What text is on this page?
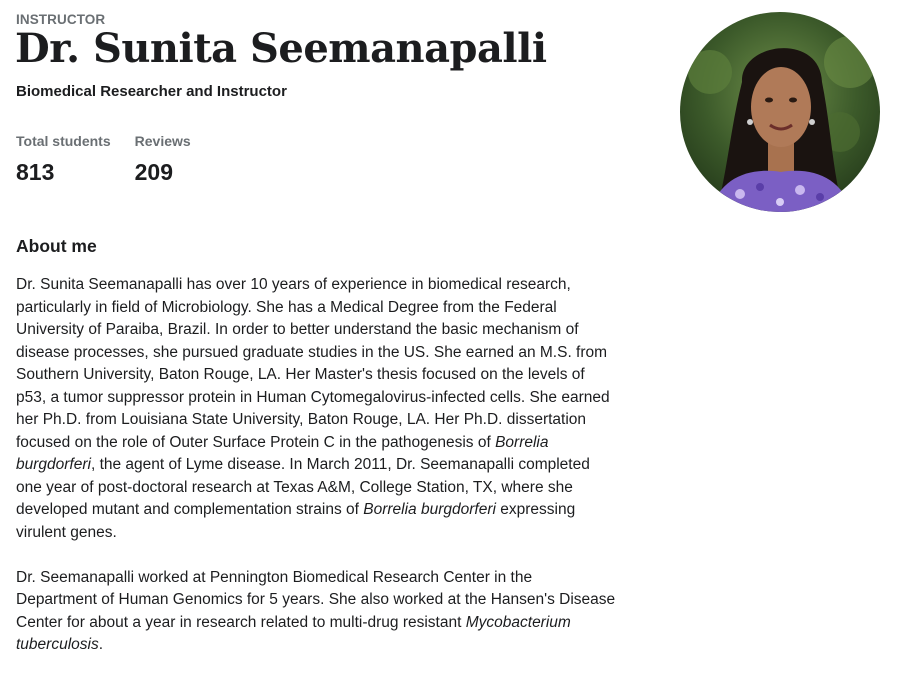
INSTRUCTOR
Dr. Sunita Seemanapalli
Biomedical Researcher and Instructor
Total students
813
Reviews
209
About me

Dr. Sunita Seemanapalli has over 10 years of experience in biomedical research, particularly in field of Microbiology. She has a Medical Degree from the Federal University of Paraiba, Brazil. In order to better understand the basic mechanism of disease processes, she pursued graduate studies in the US. She earned an M.S. from Southern University, Baton Rouge, LA. Her Master's thesis focused on the levels of p53, a tumor suppressor protein in Human Cytomegalovirus-infected cells. She earned her Ph.D. from Louisiana State University, Baton Rouge, LA. Her Ph.D. dissertation focused on the role of Outer Surface Protein C in the pathogenesis of Borrelia burgdorferi, the agent of Lyme disease. In March 2011, Dr. Seemanapalli completed one year of post-doctoral research at Texas A&M, College Station, TX, where she developed mutant and complementation strains of Borrelia burgdorferi expressing virulent genes.

Dr. Seemanapalli worked at Pennington Biomedical Research Center in the Department of Human Genomics for 5 years. She also worked at the Hansen's Disease Center for about a year in research related to multi-drug resistant Mycobacterium tuberculosis.
